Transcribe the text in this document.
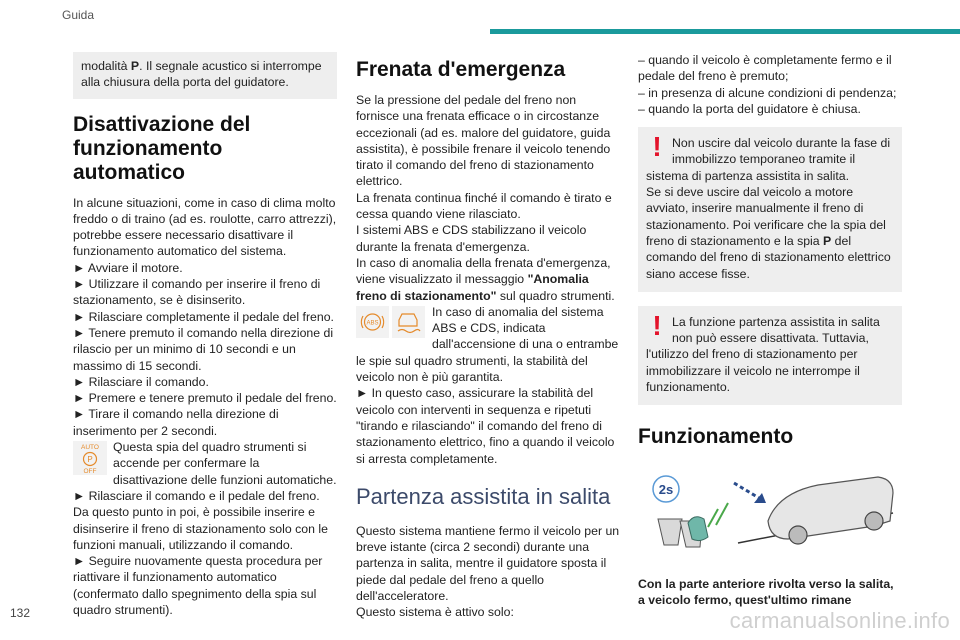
Guida

modalità P. Il segnale acustico si interrompe alla chiusura della porta del guidatore.

Disattivazione del funzionamento automatico

In alcune situazioni, come in caso di clima molto freddo o di traino (ad es. roulotte, carro attrezzi), potrebbe essere necessario disattivare il funzionamento automatico del sistema.

► Avviare il motore.

► Utilizzare il comando per inserire il freno di stazionamento, se è disinserito.

► Rilasciare completamente il pedale del freno.

► Tenere premuto il comando nella direzione di rilascio per un minimo di 10 secondi e un massimo di 15 secondi.

► Rilasciare il comando.

► Premere e tenere premuto il pedale del freno.

► Tirare il comando nella direzione di inserimento per 2 secondi.

AUTO
P
OFF

Questa spia del quadro strumenti si accende per confermare la disattivazione delle funzioni automatiche.

► Rilasciare il comando e il pedale del freno.

Da questo punto in poi, è possibile inserire e disinserire il freno di stazionamento solo con le funzioni manuali, utilizzando il comando.

► Seguire nuovamente questa procedura per riattivare il funzionamento automatico (confermato dallo spegnimento della spia sul quadro strumenti).

Frenata d'emergenza

Se la pressione del pedale del freno non fornisce una frenata efficace o in circostanze eccezionali (ad es. malore del guidatore, guida assistita), è possibile frenare il veicolo tenendo tirato il comando del freno di stazionamento elettrico.

La frenata continua finché il comando è tirato e cessa quando viene rilasciato.

I sistemi ABS e CDS stabilizzano il veicolo durante la frenata d'emergenza.

In caso di anomalia della frenata d'emergenza, viene visualizzato il messaggio "Anomalia freno di stazionamento" sul quadro strumenti.

ABS

In caso di anomalia del sistema ABS e CDS, indicata dall'accensione di una o entrambe le spie sul quadro strumenti, la stabilità del veicolo non è più garantita.

► In questo caso, assicurare la stabilità del veicolo con interventi in sequenza e ripetuti "tirando e rilasciando" il comando del freno di stazionamento elettrico, fino a quando il veicolo si arresta completamente.

Partenza assistita in salita

Questo sistema mantiene fermo il veicolo per un breve istante (circa 2 secondi) durante una partenza in salita, mentre il guidatore sposta il piede dal pedale del freno a quello dell'acceleratore.

Questo sistema è attivo solo:

– quando il veicolo è completamente fermo e il pedale del freno è premuto;

– in presenza di alcune condizioni di pendenza;

– quando la porta del guidatore è chiusa.

! Non uscire dal veicolo durante la fase di immobilizzo temporaneo tramite il sistema di partenza assistita in salita.

Se si deve uscire dal veicolo a motore avviato, inserire manualmente il freno di stazionamento. Poi verificare che la spia del freno di stazionamento e la spia P del comando del freno di stazionamento elettrico siano accese fisse.

! La funzione partenza assistita in salita non può essere disattivata. Tuttavia, l'utilizzo del freno di stazionamento per immobilizzare il veicolo ne interrompe il funzionamento.

Funzionamento
2s

Con la parte anteriore rivolta verso la salita, a veicolo fermo, quest'ultimo rimane

132	carmanualsonline.info
